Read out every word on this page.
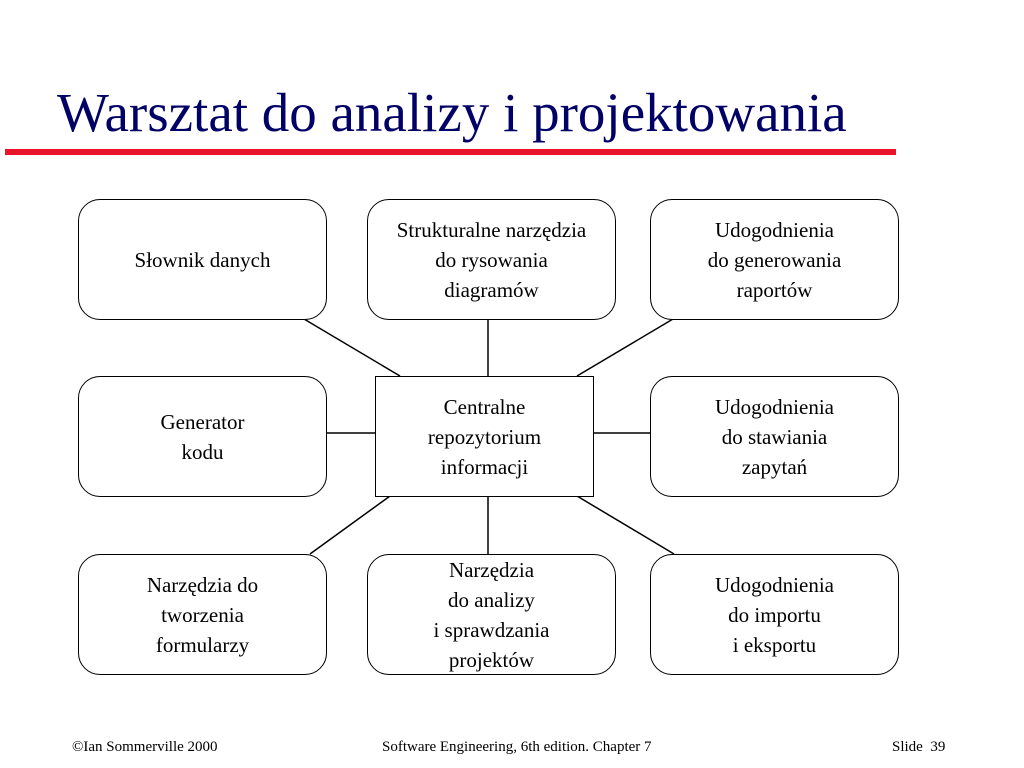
Warsztat do analizy i projektowania
Słownik danych
Strukturalne narzędzia
do rysowania
diagramów
Udogodnienia
do generowania
raportów
Generator
kodu
Centralne
repozytorium
informacji
Udogodnienia
do stawiania
zapytań
Narzędzia do
tworzenia
formularzy
Narzędzia
do analizy
i sprawdzania
projektów
Udogodnienia
do importu
i eksportu
©Ian Sommerville 2000	Software Engineering, 6th edition. Chapter 7	Slide  39
